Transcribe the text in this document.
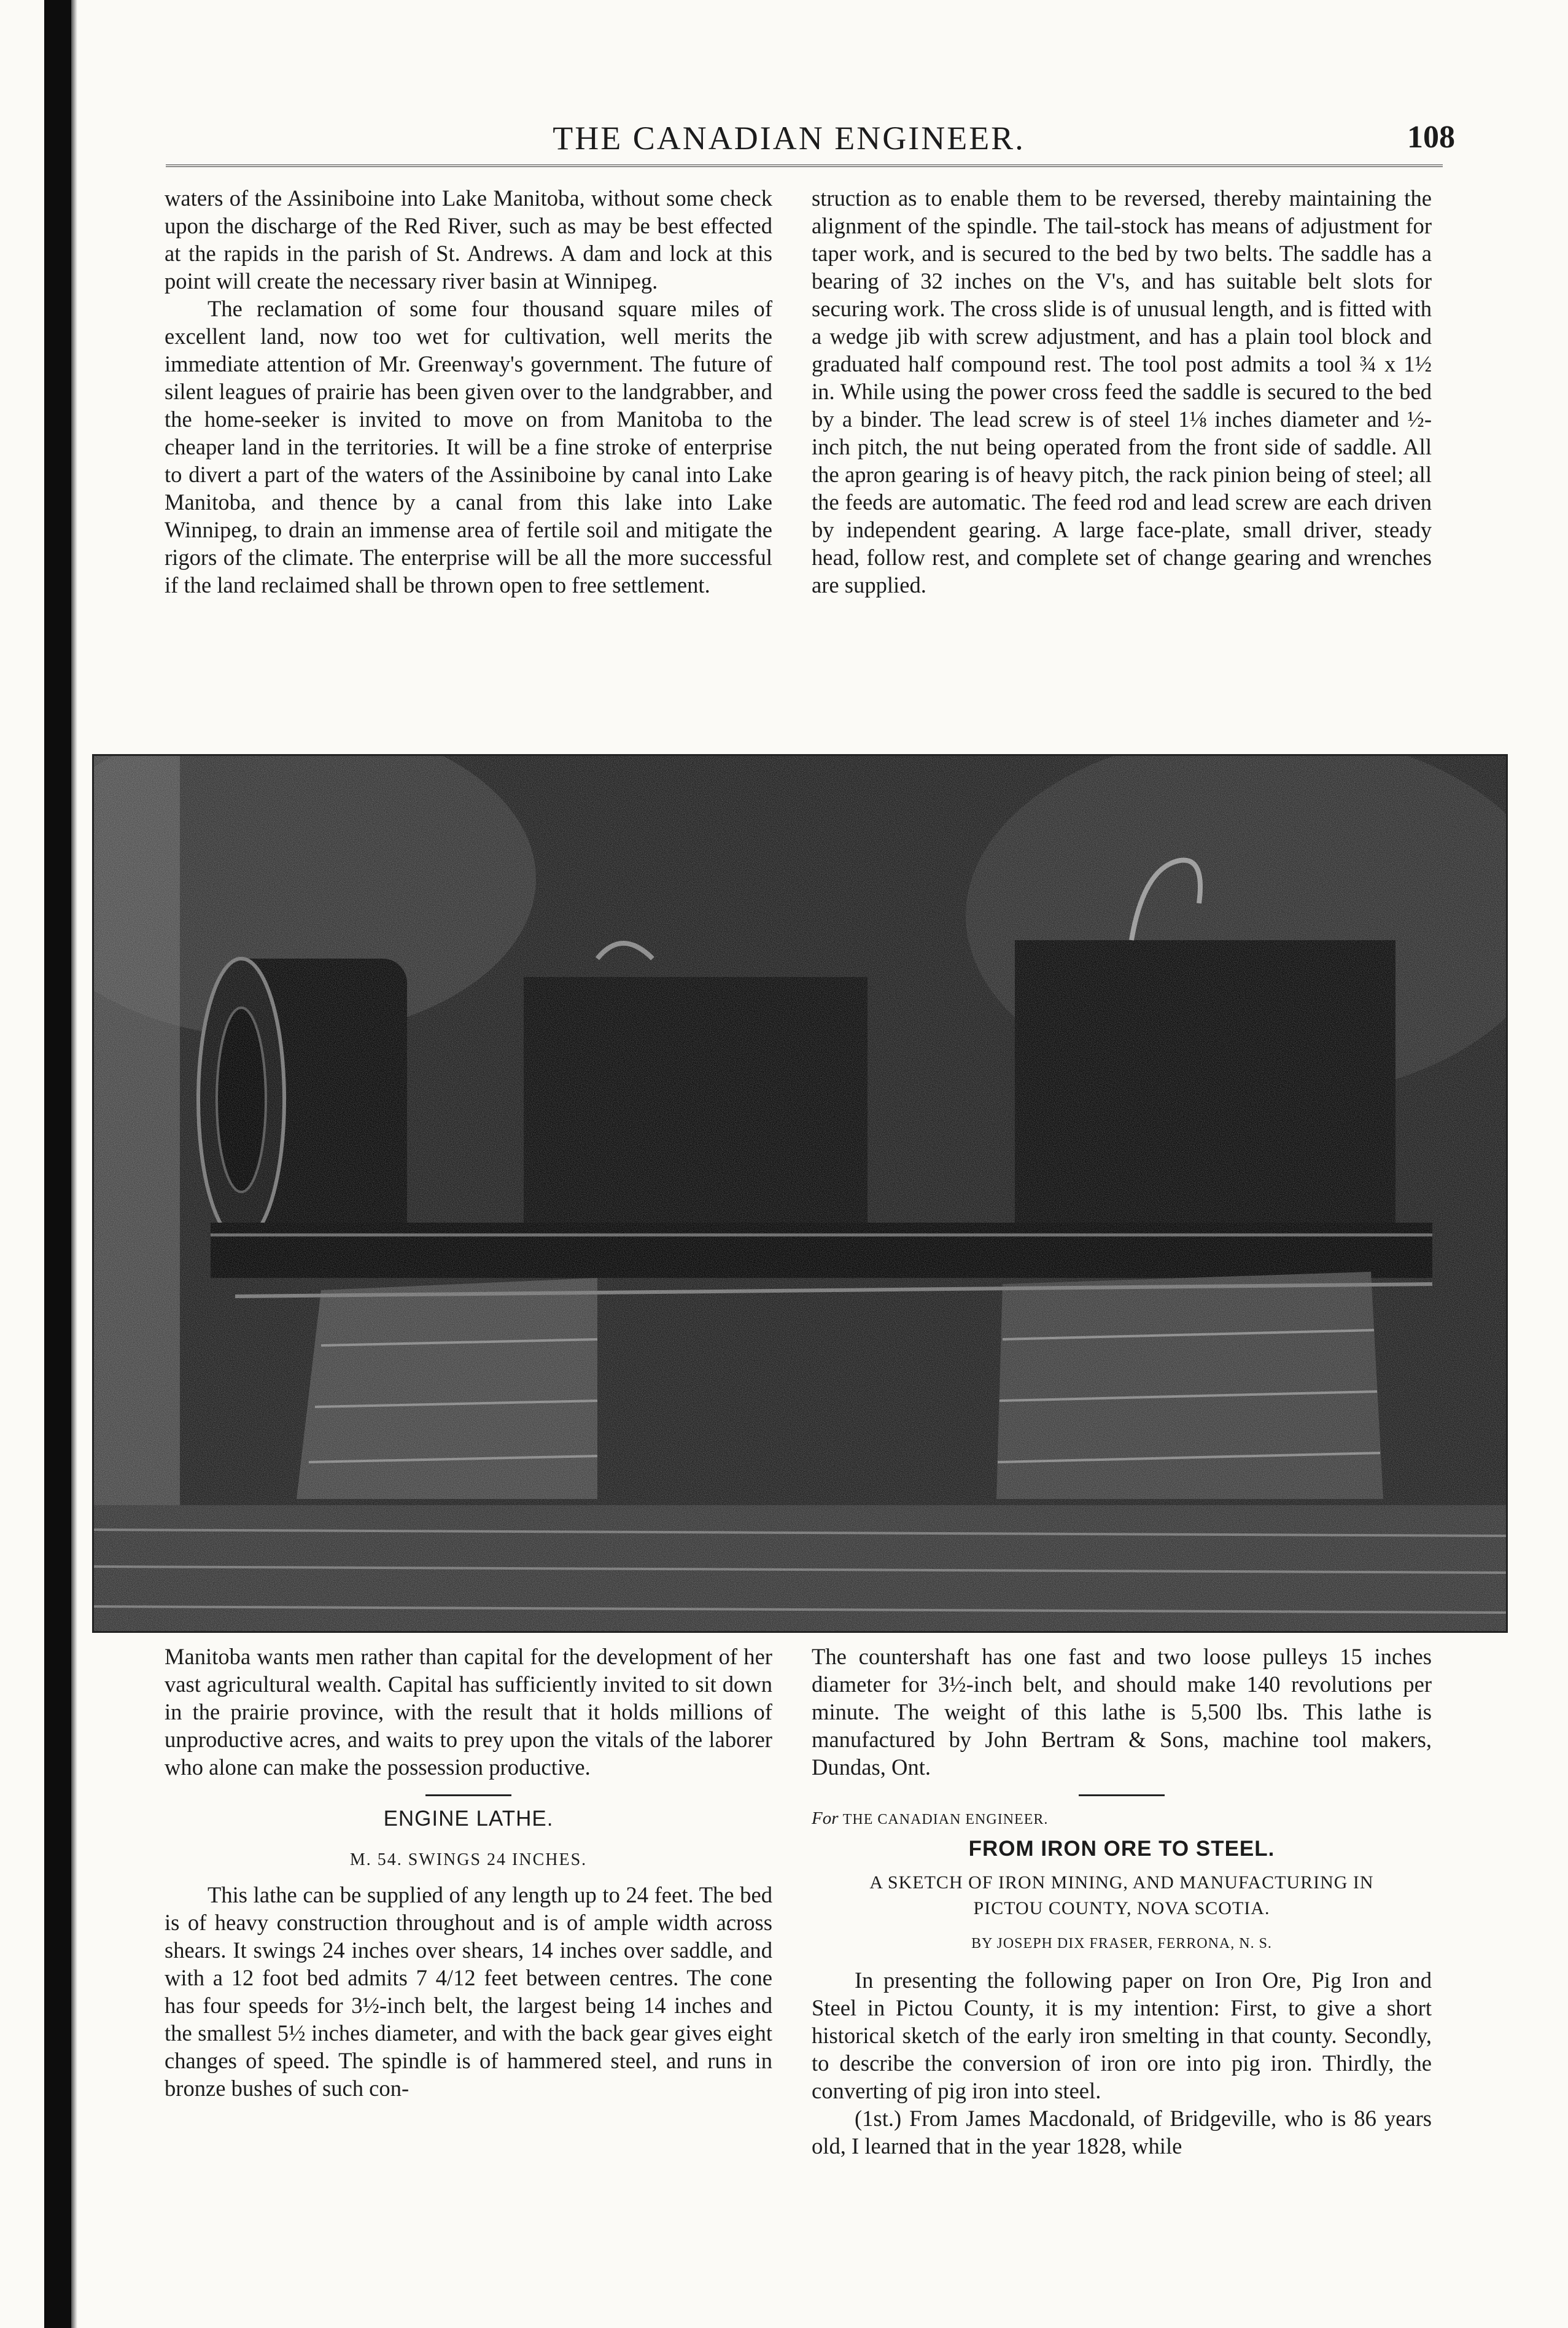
THE CANADIAN ENGINEER.	108

waters of the Assiniboine into Lake Manitoba, without some check upon the discharge of the Red River, such as may be best effected at the rapids in the parish of St. Andrews. A dam and lock at this point will create the necessary river basin at Winnipeg.

The reclamation of some four thousand square miles of excellent land, now too wet for cultivation, well merits the immediate attention of Mr. Greenway's government. The future of silent leagues of prairie has been given over to the landgrabber, and the home-seeker is invited to move on from Manitoba to the cheaper land in the territories. It will be a fine stroke of enterprise to divert a part of the waters of the Assiniboine by canal into Lake Manitoba, and thence by a canal from this lake into Lake Winnipeg, to drain an immense area of fertile soil and mitigate the rigors of the climate. The enterprise will be all the more successful if the land reclaimed shall be thrown open to free settlement.

struction as to enable them to be reversed, thereby maintaining the alignment of the spindle. The tail-stock has means of adjustment for taper work, and is secured to the bed by two belts. The saddle has a bearing of 32 inches on the V's, and has suitable belt slots for securing work. The cross slide is of unusual length, and is fitted with a wedge jib with screw adjustment, and has a plain tool block and graduated half compound rest. The tool post admits a tool ¾ x 1½ in. While using the power cross feed the saddle is secured to the bed by a binder. The lead screw is of steel 1⅛ inches diameter and ½-inch pitch, the nut being operated from the front side of saddle. All the apron gearing is of heavy pitch, the rack pinion being of steel; all the feeds are automatic. The feed rod and lead screw are each driven by independent gearing. A large face-plate, small driver, steady head, follow rest, and complete set of change gearing and wrenches are supplied.

Manitoba wants men rather than capital for the development of her vast agricultural wealth. Capital has sufficiently invited to sit down in the prairie province, with the result that it holds millions of unproductive acres, and waits to prey upon the vitals of the laborer who alone can make the possession productive.

ENGINE LATHE.
M. 54. SWINGS 24 INCHES.

This lathe can be supplied of any length up to 24 feet. The bed is of heavy construction throughout and is of ample width across shears. It swings 24 inches over shears, 14 inches over saddle, and with a 12 foot bed admits 7 4/12 feet between centres. The cone has four speeds for 3½-inch belt, the largest being 14 inches and the smallest 5½ inches diameter, and with the back gear gives eight changes of speed. The spindle is of hammered steel, and runs in bronze bushes of such con-

The countershaft has one fast and two loose pulleys 15 inches diameter for 3½-inch belt, and should make 140 revolutions per minute. The weight of this lathe is 5,500 lbs. This lathe is manufactured by John Bertram & Sons, machine tool makers, Dundas, Ont.

For THE CANADIAN ENGINEER.
FROM IRON ORE TO STEEL.
A SKETCH OF IRON MINING, AND MANUFACTURING IN PICTOU COUNTY, NOVA SCOTIA.
BY JOSEPH DIX FRASER, FERRONA, N. S.

In presenting the following paper on Iron Ore, Pig Iron and Steel in Pictou County, it is my intention: First, to give a short historical sketch of the early iron smelting in that county. Secondly, to describe the conversion of iron ore into pig iron. Thirdly, the converting of pig iron into steel.

(1st.) From James Macdonald, of Bridgeville, who is 86 years old, I learned that in the year 1828, while
